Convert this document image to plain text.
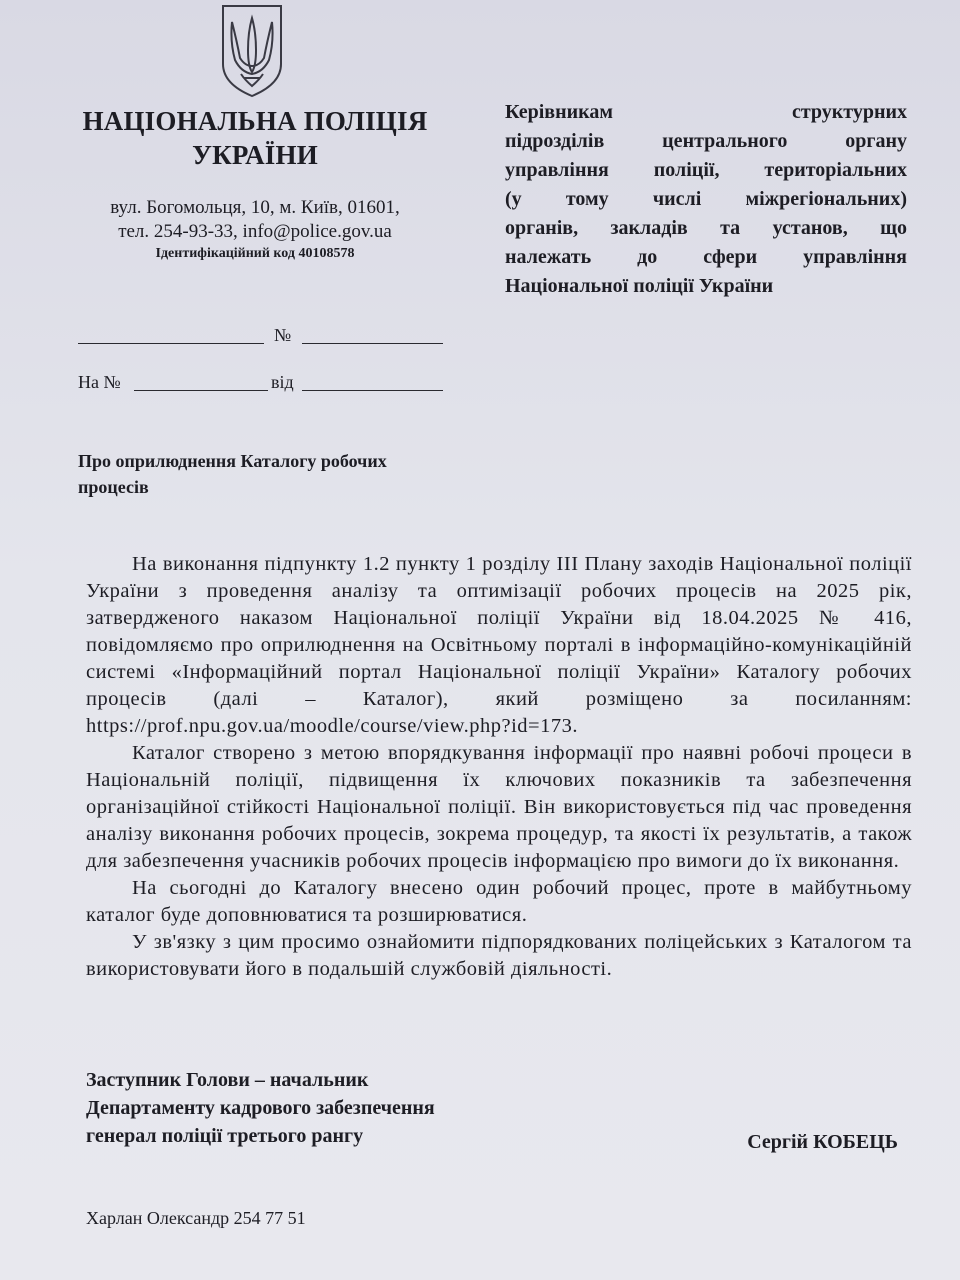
НАЦІОНАЛЬНА ПОЛІЦІЯ
УКРАЇНИ
вул. Богомольця, 10, м. Київ, 01601,
тел. 254-93-33, info@police.gov.ua
Ідентифікаційний код 40108578
Керівникам структурних
підрозділів центрального органу
управління поліції, територіальних
(у тому числі міжрегіональних)
органів, закладів та установ, що
належать до сфери управління
Національної поліції України
№
На №	від
Про оприлюднення Каталогу робочих
процесів

На виконання підпункту 1.2 пункту 1 розділу ІІІ Плану заходів Національної поліції України з проведення аналізу та оптимізації робочих процесів на 2025 рік, затвердженого наказом Національної поліції України від 18.04.2025 № 416, повідомляємо про оприлюднення на Освітньому порталі в інформаційно-комунікаційній системі «Інформаційний портал Національної поліції України» Каталогу робочих процесів (далі – Каталог), який розміщено за посиланням: https://prof.npu.gov.ua/moodle/course/view.php?id=173.

Каталог створено з метою впорядкування інформації про наявні робочі процеси в Національній поліції, підвищення їх ключових показників та забезпечення організаційної стійкості Національної поліції. Він використовується під час проведення аналізу виконання робочих процесів, зокрема процедур, та якості їх результатів, а також для забезпечення учасників робочих процесів інформацією про вимоги до їх виконання.

На сьогодні до Каталогу внесено один робочий процес, проте в майбутньому каталог буде доповнюватися та розширюватися.

У зв'язку з цим просимо ознайомити підпорядкованих поліцейських з Каталогом та використовувати його в подальшій службовій діяльності.

Заступник Голови – начальник
Департаменту кадрового забезпечення
генерал поліції третього рангу	Сергій КОБЕЦЬ
Харлан Олександр 254 77 51
